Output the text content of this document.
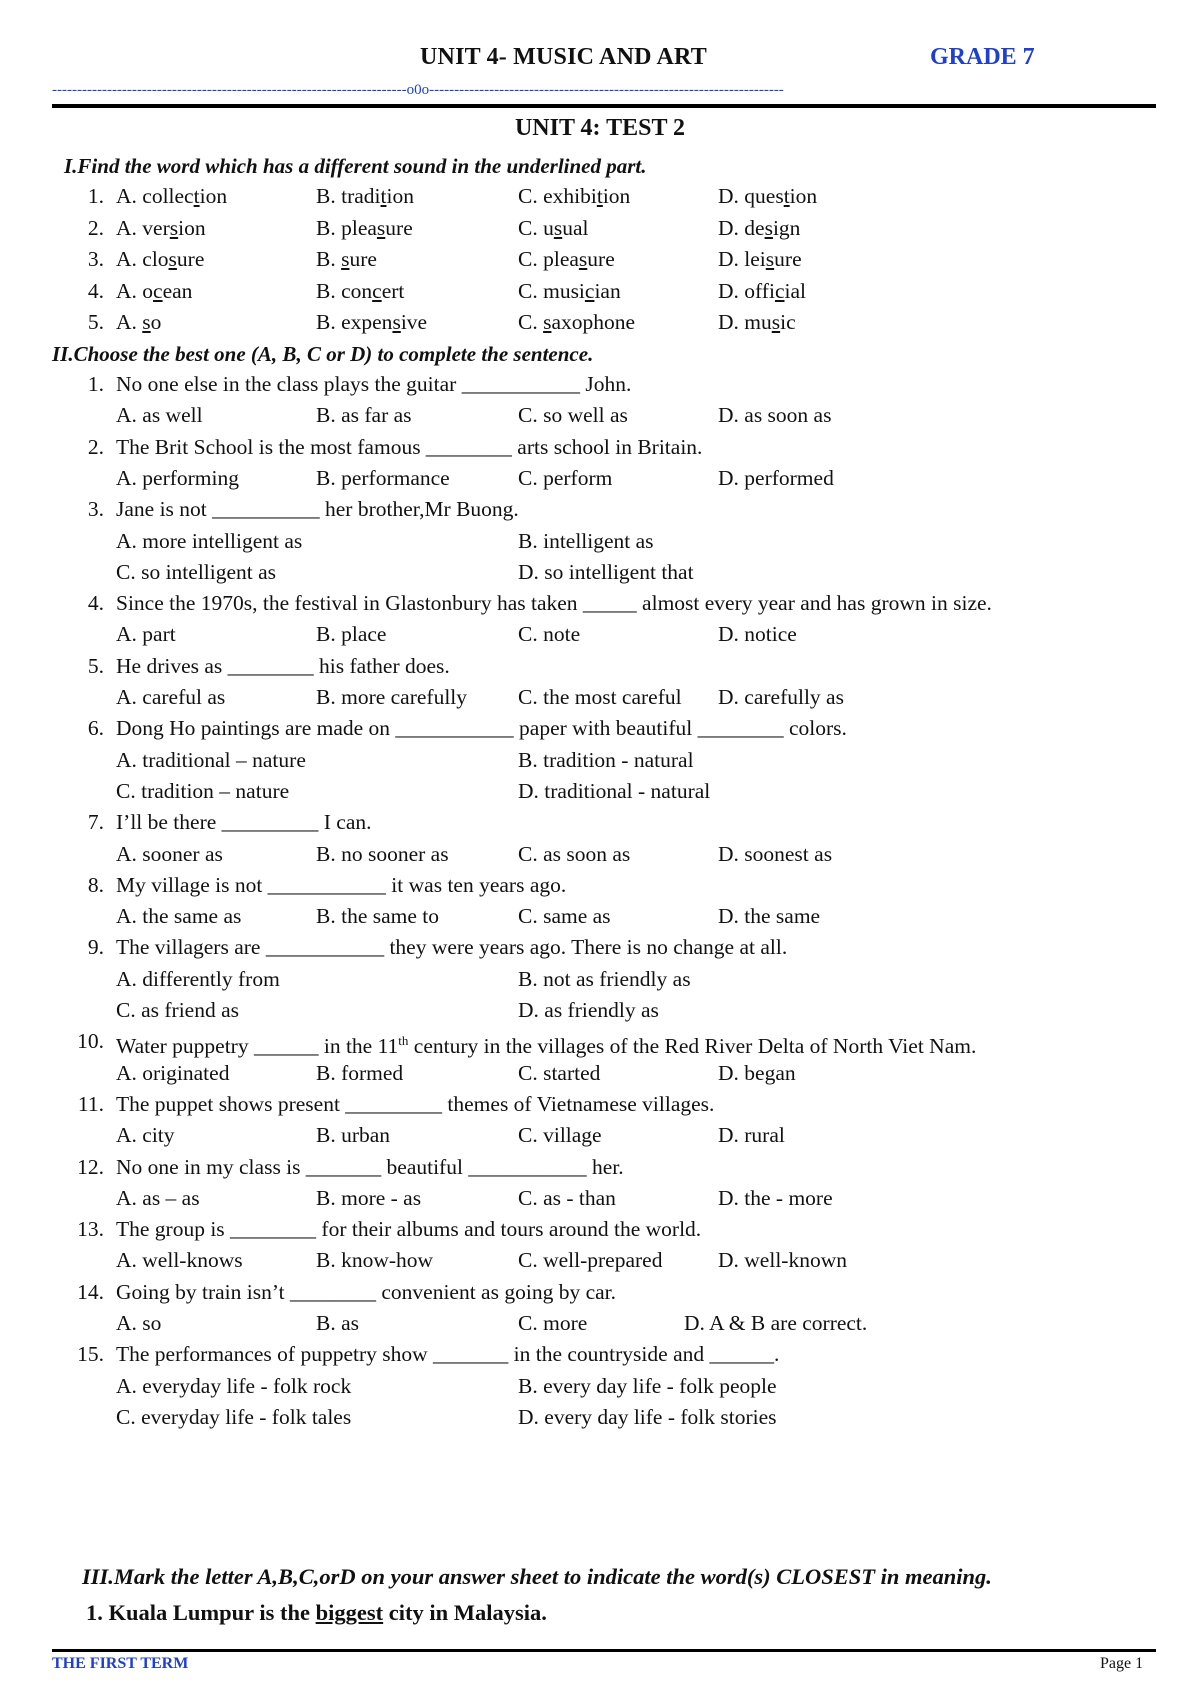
UNIT 4- MUSIC AND ART	GRADE 7
-----------------------------------------------------------------------o0o-----------------------------------------------------------------------
UNIT 4: TEST 2
I.Find the word which has a different sound in the underlined part.
1. A. collection	B. tradition	C. exhibition	D. question
2. A. version	B. pleasure	C. usual	D. design
3. A. closure	B. sure	C. pleasure	D. leisure
4. A. ocean	B. concert	C. musician	D. official
5. A. so	B. expensive	C. saxophone	D. music
II.Choose the best one (A, B, C or D) to complete the sentence.
1. No one else in the class plays the guitar ___________ John.
A. as well	B. as far as	C. so well as	D. as soon as
2. The Brit School is the most famous ________ arts school in Britain.
A. performing	B. performance	C. perform	D. performed
3. Jane is not __________ her brother,Mr Buong.
A. more intelligent as	B. intelligent as
C. so intelligent as	D. so intelligent that
4. Since the 1970s, the festival in Glastonbury has taken _____ almost every year and has grown in size.
A. part	B. place	C. note	D. notice
5. He drives as ________ his father does.
A. careful as	B. more carefully C. the most careful D. carefully as
6. Dong Ho paintings are made on ___________ paper with beautiful ________ colors.
A. traditional – nature	B. tradition - natural
C. tradition – nature	D. traditional - natural
7. I’ll be there _________ I can.
A. sooner as	B. no sooner as	C. as soon as	D. soonest as
8. My village is not ___________ it was ten years ago.
A. the same as	B. the same to	C. same as	D. the same
9. The villagers are ___________ they were years ago. There is no change at all.
A. differently from	B. not as friendly as
C. as friend as	D. as friendly as
10. Water puppetry ______ in the 11th century in the villages of the Red River Delta of North Viet Nam.
A. originated	B. formed	C. started	D. began
11. The puppet shows present _________ themes of Vietnamese villages.
A. city	B. urban	C. village	D. rural
12. No one in my class is _______ beautiful ___________ her.
A. as – as	B. more - as	C. as - than	D. the - more
13. The group is ________ for their albums and tours around the world.
A. well-knows	B. know-how	C. well-prepared	D. well-known
14. Going by train isn’t ________ convenient as going by car.
A. so	B. as	C. more	D. A & B are correct.
15. The performances of puppetry show _______ in the countryside and ______.
A. everyday life - folk rock	B. every day life - folk people
C. everyday life - folk tales	D. every day life - folk stories
III.Mark the letter A,B,C,orD on your answer sheet to indicate the word(s) CLOSEST in meaning.
1. Kuala Lumpur is the biggest city in Malaysia.
THE FIRST TERM	Page 1
